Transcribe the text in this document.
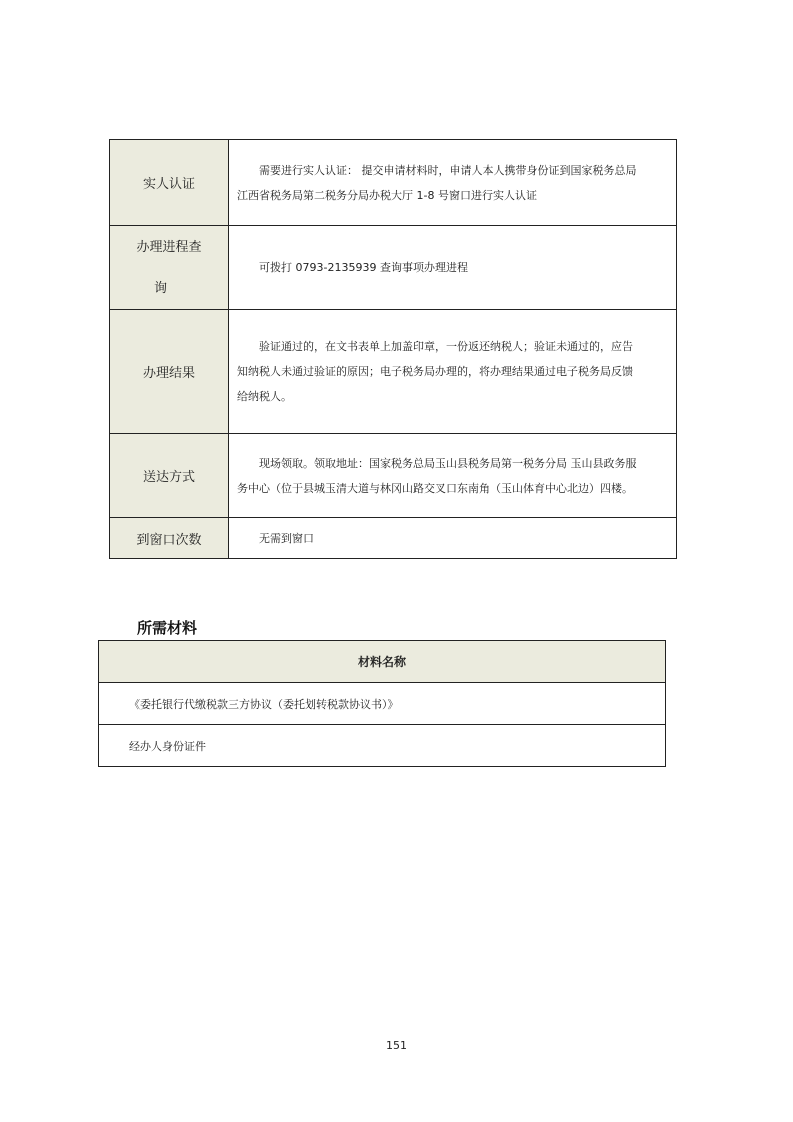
实人认证	需要进行实人认证： 提交申请材料时，申请人本人携带身份证到国家税务总局
江西省税务局第二税务分局办税大厅 1-8 号窗口进行实人认证

办理进程查
询	可拨打 0793-2135939 查询事项办理进程

办理结果	验证通过的，在文书表单上加盖印章，一份返还纳税人；验证未通过的，应告
知纳税人未通过验证的原因；电子税务局办理的，将办理结果通过电子税务局反馈
给纳税人。

送达方式	现场领取。领取地址：国家税务总局玉山县税务局第一税务分局 玉山县政务服
务中心（位于县城玉清大道与林冈山路交叉口东南角（玉山体育中心北边）四楼。

到窗口次数	无需到窗口
所需材料
材料名称
《委托银行代缴税款三方协议（委托划转税款协议书）》
经办人身份证件
151
